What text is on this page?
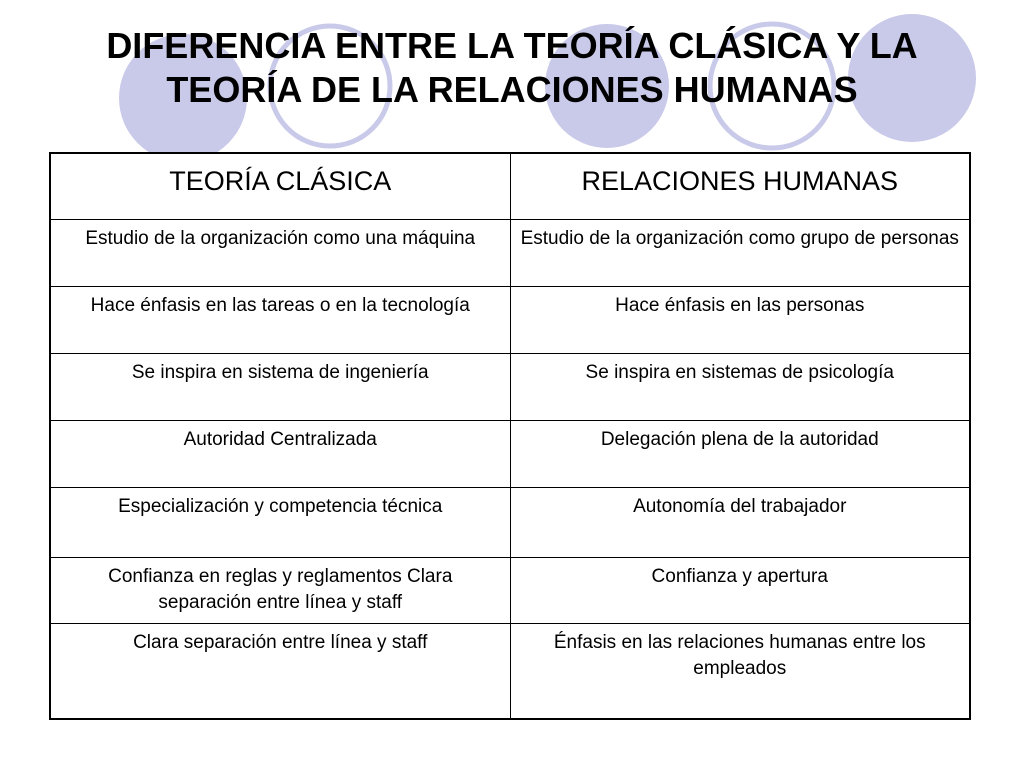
DIFERENCIA ENTRE LA TEORÍA CLÁSICA Y LA
TEORÍA DE LA RELACIONES HUMANAS
TEORÍA CLÁSICA	RELACIONES HUMANAS
Estudio de la organización como una máquina	Estudio de la organización como grupo de personas
Hace énfasis en las tareas o en la tecnología	Hace énfasis en las personas
Se inspira en sistema de ingeniería	Se inspira en sistemas de psicología
Autoridad Centralizada	Delegación plena de la autoridad
Especialización y competencia técnica	Autonomía del trabajador
Confianza en reglas y reglamentos Clara separación entre línea y staff	Confianza y apertura
Clara separación entre línea y staff	Énfasis en las relaciones humanas entre los empleados
